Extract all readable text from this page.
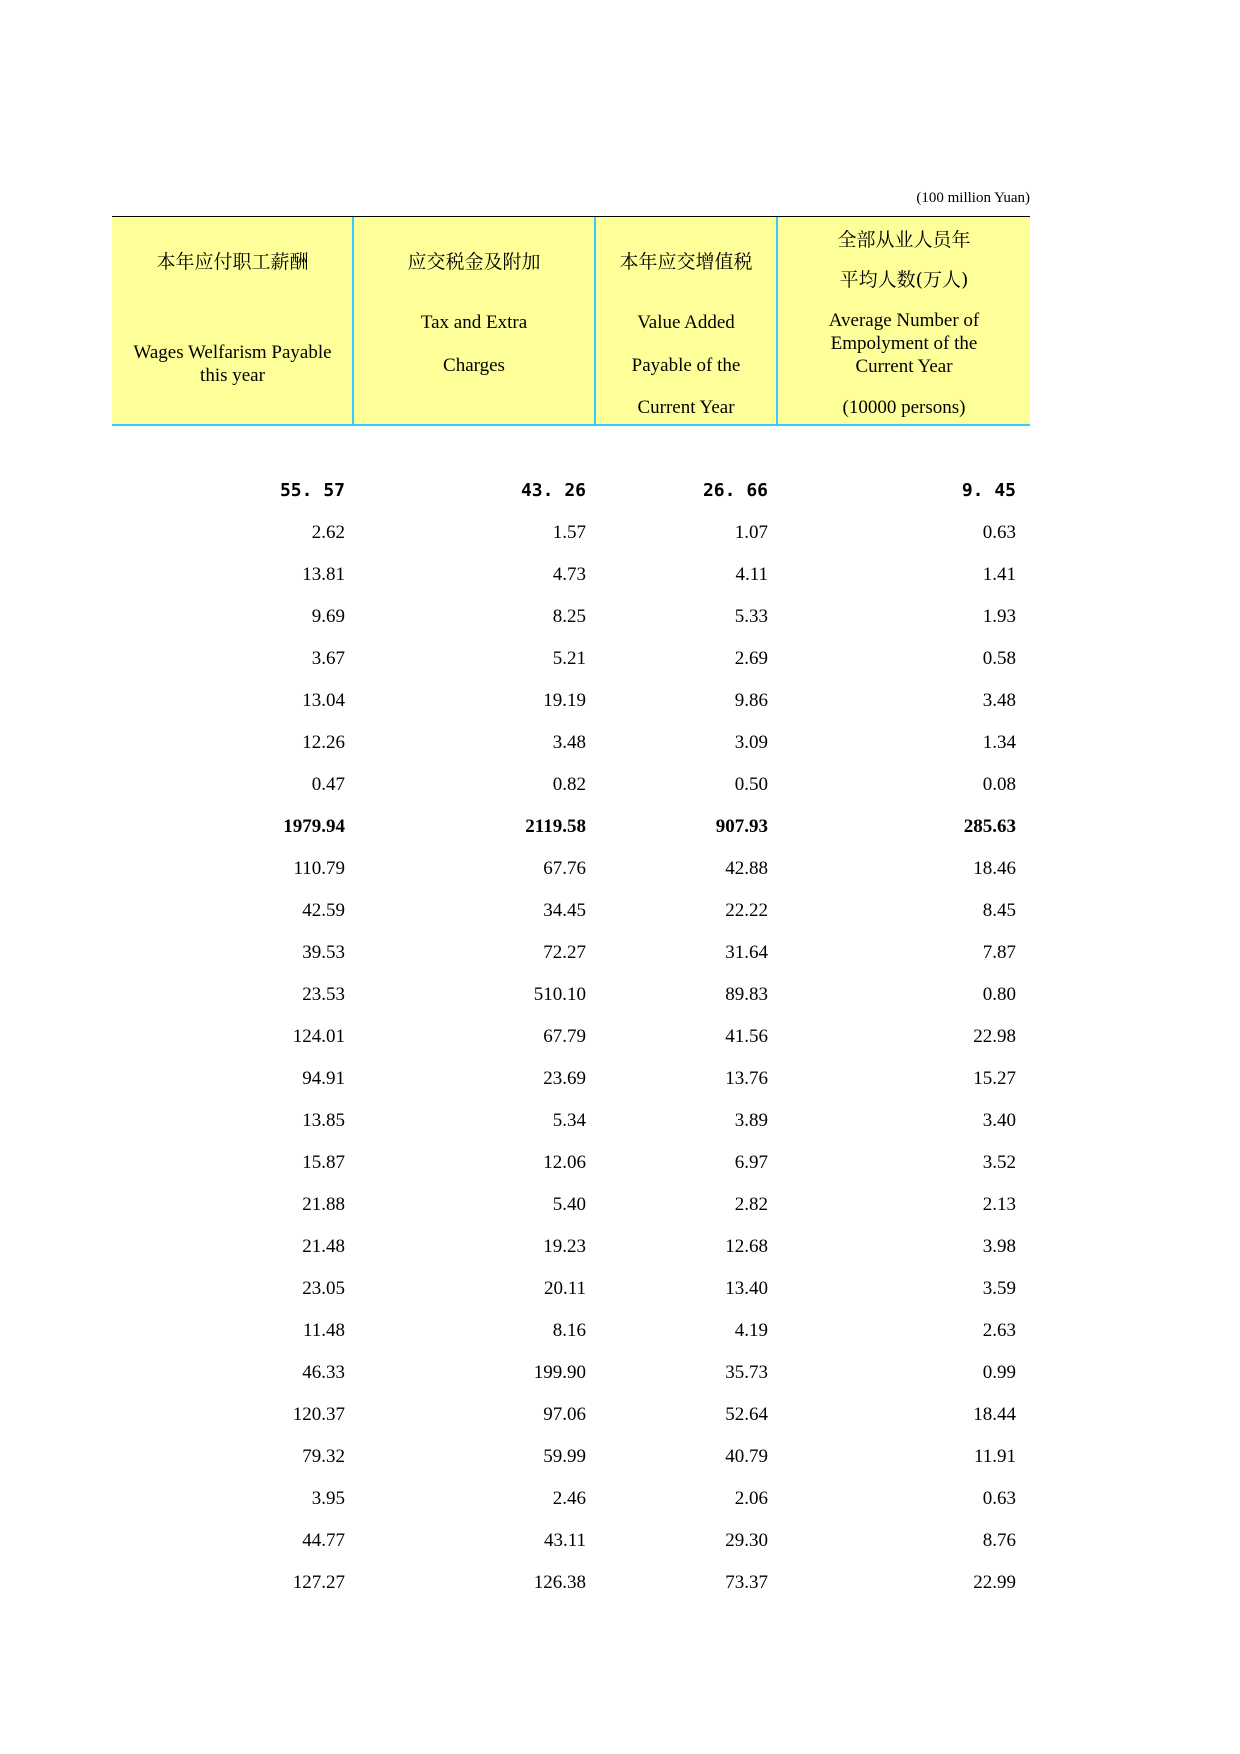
(100 million Yuan)
本年应付职工薪酬
Wages Welfarism Payable
this year
应交税金及附加
Tax and Extra
Charges
本年应交增值税
Value Added
Payable of the
Current Year
全部从业人员年
平均人数(万人)
Average Number of
Empolyment of the
Current Year
(10000 persons)
55. 57	43. 26	26. 66	9. 45
2.62	1.57	1.07	0.63
13.81	4.73	4.11	1.41
9.69	8.25	5.33	1.93
3.67	5.21	2.69	0.58
13.04	19.19	9.86	3.48
12.26	3.48	3.09	1.34
0.47	0.82	0.50	0.08
1979.94	2119.58	907.93	285.63
110.79	67.76	42.88	18.46
42.59	34.45	22.22	8.45
39.53	72.27	31.64	7.87
23.53	510.10	89.83	0.80
124.01	67.79	41.56	22.98
94.91	23.69	13.76	15.27
13.85	5.34	3.89	3.40
15.87	12.06	6.97	3.52
21.88	5.40	2.82	2.13
21.48	19.23	12.68	3.98
23.05	20.11	13.40	3.59
11.48	8.16	4.19	2.63
46.33	199.90	35.73	0.99
120.37	97.06	52.64	18.44
79.32	59.99	40.79	11.91
3.95	2.46	2.06	0.63
44.77	43.11	29.30	8.76
127.27	126.38	73.37	22.99
